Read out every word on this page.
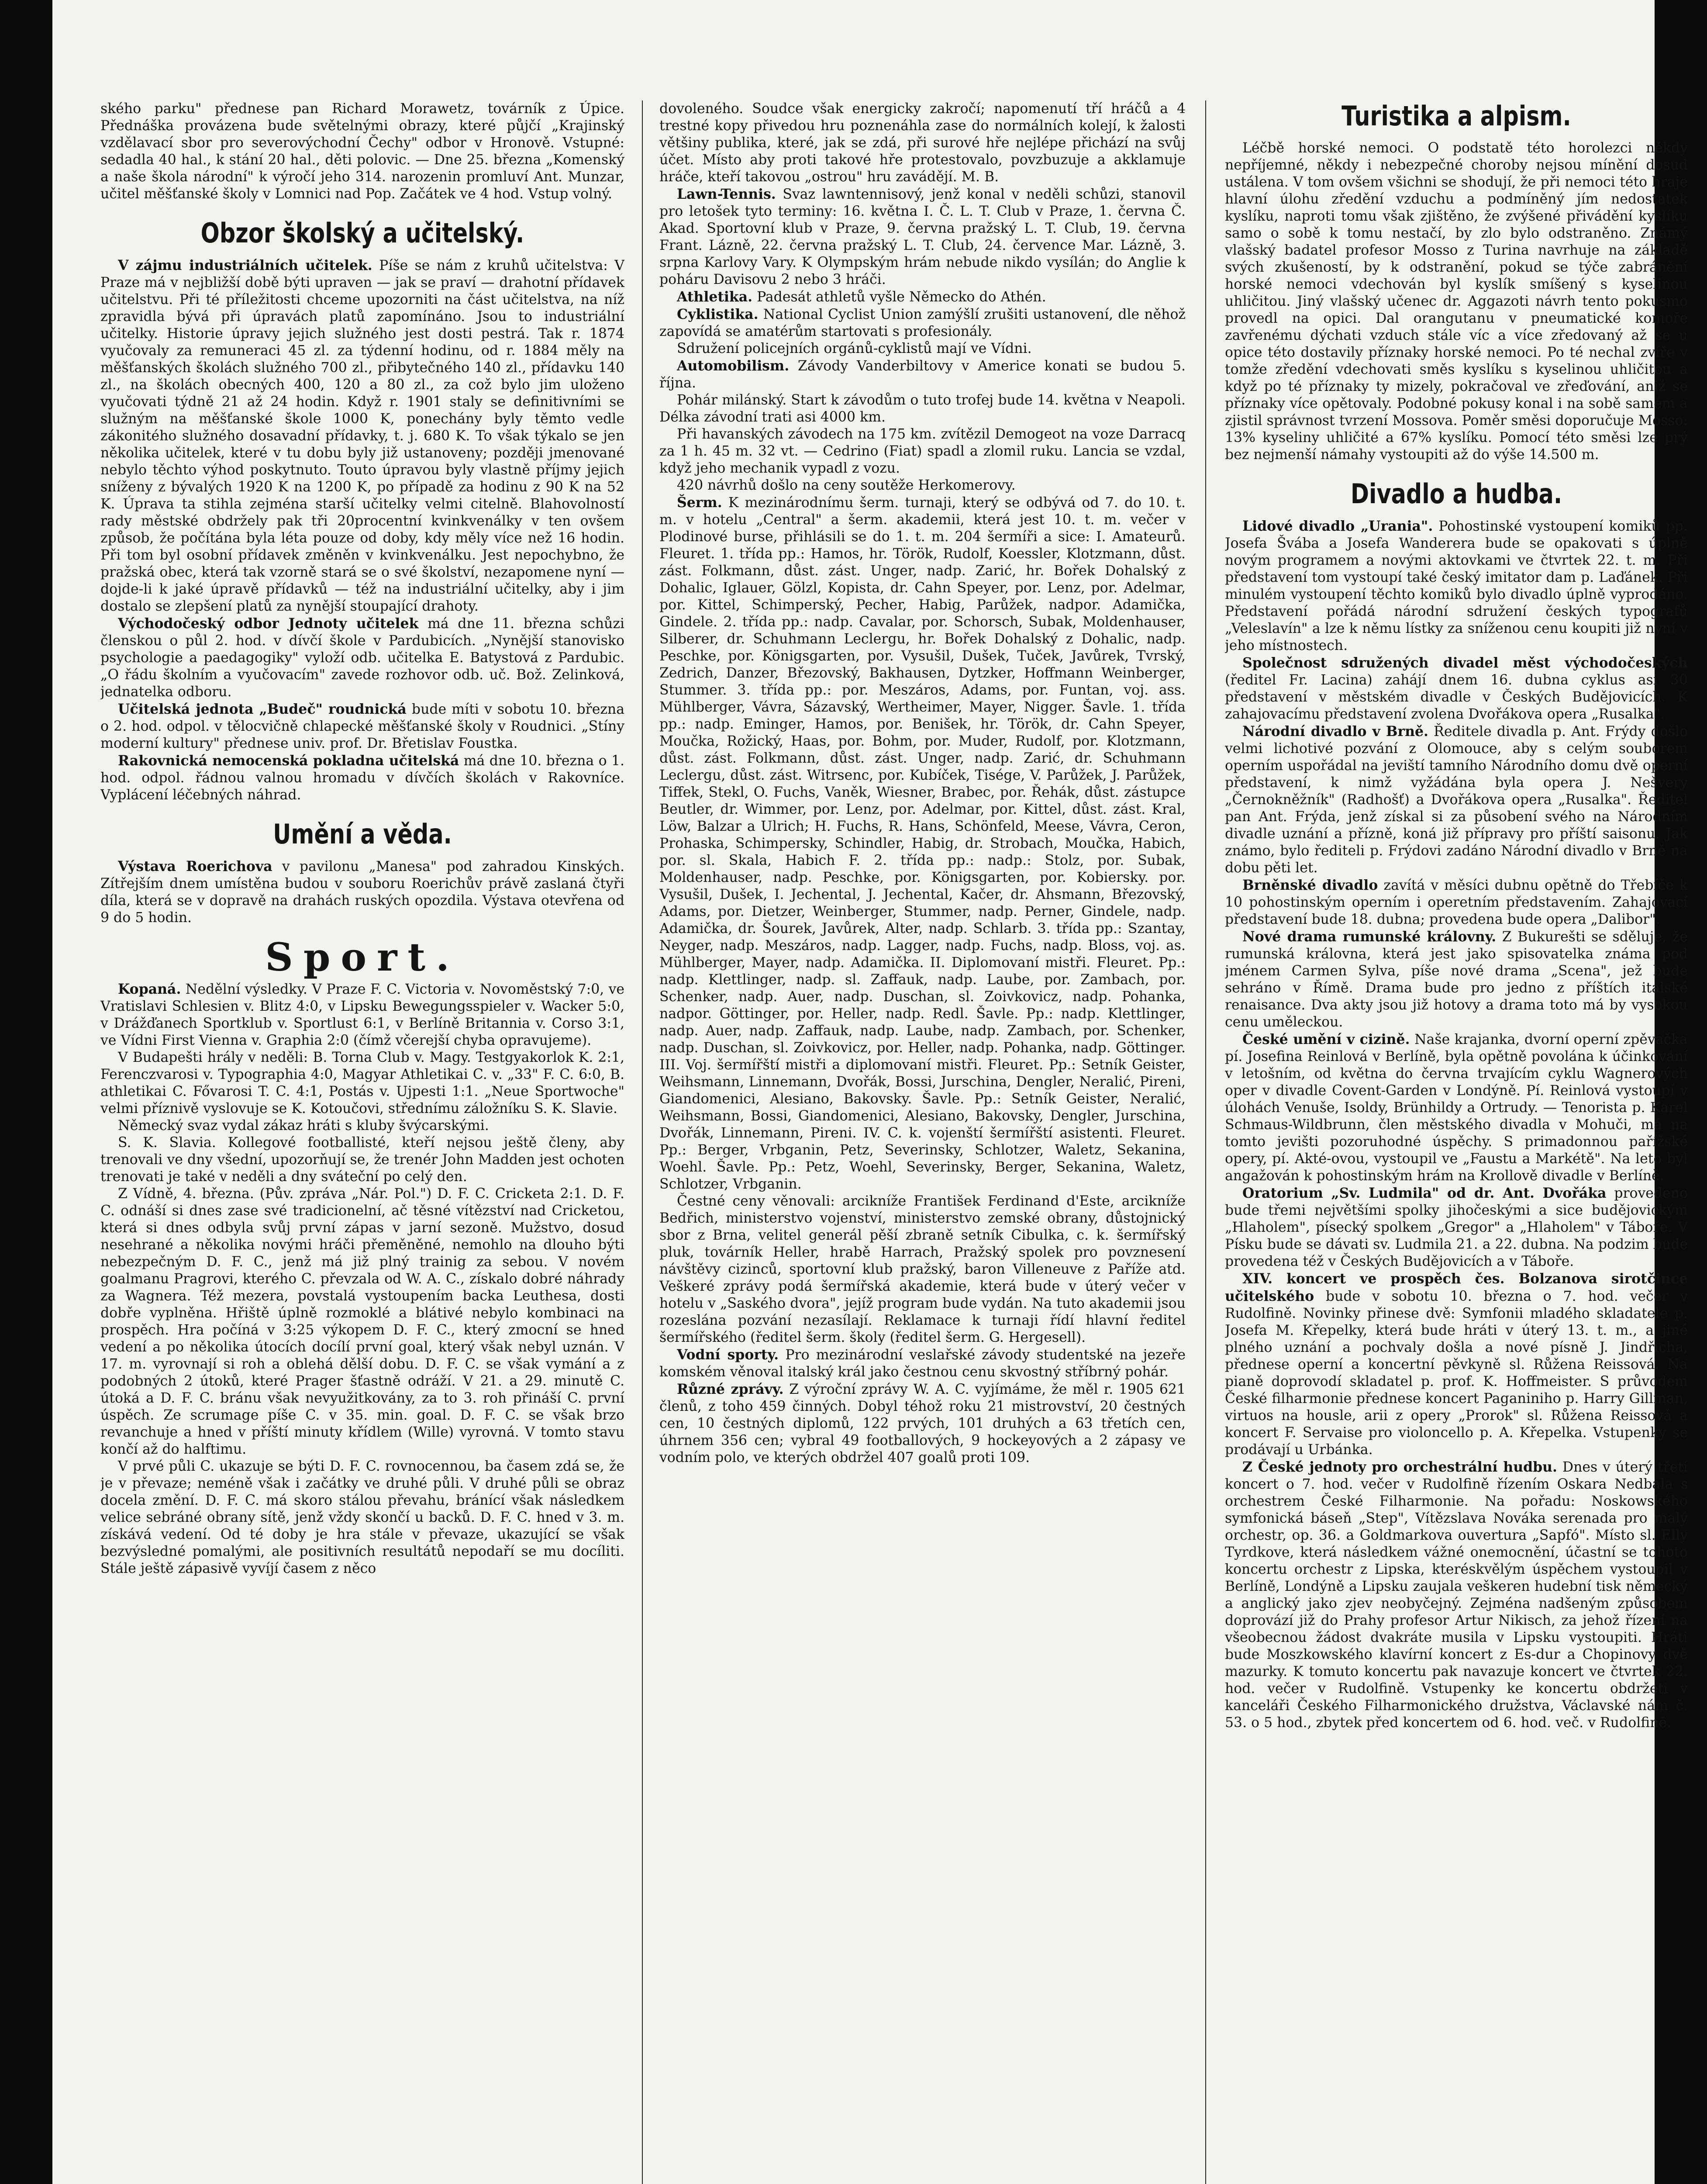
ského parku" přednese pan Richard Morawetz, továrník z Úpice. Přednáška provázena bude světelnými obrazy, které půjčí „Krajinský vzdělavací sbor pro severovýchodní Čechy" odbor v Hronově. Vstupné: sedadla 40 hal., k stání 20 hal., děti polovic. — Dne 25. března „Komenský a naše škola národní" k výročí jeho 314. narozenin promluví Ant. Munzar, učitel měšťanské školy v Lomnici nad Pop. Začátek ve 4 hod. Vstup volný.

Obzor školský a učitelský.

V zájmu industriálních učitelek. Píše se nám z kruhů učitelstva: V Praze má v nejbližší době býti upraven — jak se praví — drahotní přídavek učitelstvu. Při té příležitosti chceme upozorniti na část učitelstva, na níž zpravidla bývá při úpravách platů zapomínáno. Jsou to industriální učitelky. Historie úpravy jejich služného jest dosti pestrá. Tak r. 1874 vyučovaly za remuneraci 45 zl. za týdenní hodinu, od r. 1884 měly na měšťanských školách služného 700 zl., přibytečného 140 zl., přídavku 140 zl., na školách obecných 400, 120 a 80 zl., za což bylo jim uloženo vyučovati týdně 21 až 24 hodin. Když r. 1901 staly se definitivními se služným na měšťanské škole 1000 K, ponechány byly těmto vedle zákonitého služného dosavadní přídavky, t. j. 680 K. To však týkalo se jen několika učitelek, které v tu dobu byly již ustanoveny; později jmenované nebylo těchto výhod poskytnuto. Touto úpravou byly vlastně příjmy jejich sníženy z bývalých 1920 K na 1200 K, po případě za hodinu z 90 K na 52 K. Úprava ta stihla zejména starší učitelky velmi citelně. Blahovolností rady městské obdržely pak tři 20procentní kvinkvenálky v ten ovšem způsob, že počítána byla léta pouze od doby, kdy měly více než 16 hodin. Při tom byl osobní přídavek změněn v kvinkvenálku. Jest nepochybno, že pražská obec, která tak vzorně stará se o své školství, nezapomene nyní — dojde-li k jaké úpravě přídavků — též na industriální učitelky, aby i jim dostalo se zlepšení platů za nynější stoupající drahoty.

Východočeský odbor Jednoty učitelek má dne 11. března schůzi členskou o půl 2. hod. v dívčí škole v Pardubicích. „Nynější stanovisko psychologie a paedagogiky" vyloží odb. učitelka E. Batystová z Pardubic. „O řádu školním a vyučovacím" zavede rozhovor odb. uč. Bož. Zelinková, jednatelka odboru.

Učitelská jednota „Budeč" roudnická bude míti v sobotu 10. března o 2. hod. odpol. v tělocvičně chlapecké měšťanské školy v Roudnici. „Stíny moderní kultury" přednese univ. prof. Dr. Břetislav Foustka.

Rakovnická nemocenská pokladna učitelská má dne 10. března o 1. hod. odpol. řádnou valnou hromadu v dívčích školách v Rakovníce. Vyplácení léčebných náhrad.

Umění a věda.

Výstava Roerichova v pavilonu „Manesa" pod zahradou Kinských. Zítřejším dnem umístěna budou v souboru Roerichův právě zaslaná čtyři díla, která se v dopravě na drahách ruských opozdila. Výstava otevřena od 9 do 5 hodin.

Sport.

Kopaná. Nedělní výsledky. V Praze F. C. Victoria v. Novoměstský 7:0, ve Vratislavi Schlesien v. Blitz 4:0, v Lipsku Bewegungsspieler v. Wacker 5:0, v Drážďanech Sportklub v. Sportlust 6:1, v Berlíně Britannia v. Corso 3:1, ve Vídni First Vienna v. Graphia 2:0 (čímž včerejší chyba opravujeme).

V Budapešti hrály v neděli: B. Torna Club v. Magy. Testgyakorlok K. 2:1, Ferenczvarosi v. Typographia 4:0, Magyar Athletikai C. v. „33" F. C. 6:0, B. athletikai C. Fővarosi T. C. 4:1, Postás v. Ujpesti 1:1. „Neue Sportwoche" velmi příznivě vyslovuje se K. Kotoučovi, střednímu záložníku S. K. Slavie.

Německý svaz vydal zákaz hráti s kluby švýcarskými.

S. K. Slavia. Kollegové footballisté, kteří nejsou ještě členy, aby trenovali ve dny všední, upozorňují se, že trenér John Madden jest ochoten trenovati je také v neděli a dny sváteční po celý den.

Z Vídně, 4. března. (Pův. zpráva „Nár. Pol.") D. F. C. Cricketa 2:1. D. F. C. odnáší si dnes zase své tradicionelní, ač těsné vítězství nad Cricketou, která si dnes odbyla svůj první zápas v jarní sezoně. Mužstvo, dosud nesehrané a několika novými hráči přeměněné, nemohlo na dlouho býti nebezpečným D. F. C., jenž má již plný trainig za sebou. V novém goalmanu Pragrovi, kterého C. převzala od W. A. C., získalo dobré náhrady za Wagnera. Též mezera, povstalá vystoupením backa Leuthesa, dosti dobře vyplněna. Hřiště úplně rozmoklé a blátivé nebylo kombinaci na prospěch. Hra počíná v 3:25 výkopem D. F. C., který zmocní se hned vedení a po několika útocích docílí první goal, který však nebyl uznán. V 17. m. vyrovnají si roh a oblehá dělší dobu. D. F. C. se však vymání a z podobných 2 útoků, které Prager šťastně odráží. V 21. a 29. minutě C. útoká a D. F. C. bránu však nevyužitkovány, za to 3. roh přináší C. první úspěch. Ze scrumage píše C. v 35. min. goal. D. F. C. se však brzo revanchuje a hned v příští minuty křídlem (Wille) vyrovná. V tomto stavu končí až do halftimu.

V prvé půli C. ukazuje se býti D. F. C. rovnocennou, ba časem zdá se, že je v převaze; neméně však i začátky ve druhé půli. V druhé půli se obraz docela změní. D. F. C. má skoro stálou převahu, bránící však následkem velice sebráné obrany sítě, jenž vždy skončí u backů. D. F. C. hned v 3. m. získává vedení. Od té doby je hra stále v převaze, ukazující se však bezvýsledné pomalými, ale positivních resultátů nepodaří se mu docíliti. Stále ještě zápasivě vyvíjí časem z něco

dovoleného. Soudce však energicky zakročí; napomenutí tří hráčů a 4 trestné kopy přivedou hru poznenáhla zase do normálních kolejí, k žalosti většiny publika, které, jak se zdá, při surové hře nejlépe přichází na svůj účet. Místo aby proti takové hře protestovalo, povzbuzuje a akklamuje hráče, kteří takovou „ostrou" hru zavádějí. M. B.

Lawn-Tennis. Svaz lawntennisový, jenž konal v neděli schůzi, stanovil pro letošek tyto terminy: 16. května I. Č. L. T. Club v Praze, 1. června Č. Akad. Sportovní klub v Praze, 9. června pražský L. T. Club, 19. června Frant. Lázně, 22. června pražský L. T. Club, 24. července Mar. Lázně, 3. srpna Karlovy Vary. K Olympským hrám nebude nikdo vysílán; do Anglie k poháru Davisovu 2 nebo 3 hráči.

Athletika. Padesát athletů vyšle Německo do Athén.

Cyklistika. National Cyclist Union zamýšlí zrušiti ustanovení, dle něhož zapovídá se amatérům startovati s profesionály.

Sdružení policejních orgánů-cyklistů mají ve Vídni.

Automobilism. Závody Vanderbiltovy v Americe konati se budou 5. října.

Pohár milánský. Start k závodům o tuto trofej bude 14. května v Neapoli. Délka závodní trati asi 4000 km.

Při havanských závodech na 175 km. zvítězil Demogeot na voze Darracq za 1 h. 45 m. 32 vt. — Cedrino (Fiat) spadl a zlomil ruku. Lancia se vzdal, když jeho mechanik vypadl z vozu.

420 návrhů došlo na ceny soutěže Herkomerovy.

Šerm. K mezinárodnímu šerm. turnaji, který se odbývá od 7. do 10. t. m. v hotelu „Central" a šerm. akademii, která jest 10. t. m. večer v Plodinové burse, přihlásili se do 1. t. m. 204 šermíři a sice: I. Amateurů. Fleuret. 1. třída pp.: Hamos, hr. Török, Rudolf, Koessler, Klotzmann, důst. zást. Folkmann, důst. zást. Unger, nadp. Zarić, hr. Bořek Dohalský z Dohalic, Iglauer, Gölzl, Kopista, dr. Cahn Speyer, por. Lenz, por. Adelmar, por. Kittel, Schimperský, Pecher, Habig, Parůžek, nadpor. Adamička, Gindele. 2. třída pp.: nadp. Cavalar, por. Schorsch, Subak, Moldenhauser, Silberer, dr. Schuhmann Leclergu, hr. Bořek Dohalský z Dohalic, nadp. Peschke, por. Königsgarten, por. Vysušil, Dušek, Tuček, Javůrek, Tvrský, Zedrich, Danzer, Březovský, Bakhausen, Dytzker, Hoffmann Weinberger, Stummer. 3. třída pp.: por. Meszáros, Adams, por. Funtan, voj. ass. Mühlberger, Vávra, Sázavský, Wertheimer, Mayer, Nigger. Šavle. 1. třída pp.: nadp. Eminger, Hamos, por. Benišek, hr. Török, dr. Cahn Speyer, Moučka, Rožický, Haas, por. Bohm, por. Muder, Rudolf, por. Klotzmann, důst. zást. Folkmann, důst. zást. Unger, nadp. Zarić, dr. Schuhmann Leclergu, důst. zást. Witrsenc, por. Kubíček, Tisége, V. Parůžek, J. Parůžek, Tiffek, Stekl, O. Fuchs, Vaněk, Wiesner, Brabec, por. Řehák, důst. zástupce Beutler, dr. Wimmer, por. Lenz, por. Adelmar, por. Kittel, důst. zást. Kral, Löw, Balzar a Ulrich; H. Fuchs, R. Hans, Schönfeld, Meese, Vávra, Ceron, Prohaska, Schimpersky, Schindler, Habig, dr. Strobach, Moučka, Habich, por. sl. Skala, Habich F. 2. třída pp.: nadp.: Stolz, por. Subak, Moldenhauser, nadp. Peschke, por. Königsgarten, por. Kobiersky. por. Vysušil, Dušek, I. Jechental, J. Jechental, Kačer, dr. Ahsmann, Březovský, Adams, por. Dietzer, Weinberger, Stummer, nadp. Perner, Gindele, nadp. Adamička, dr. Šourek, Javůrek, Alter, nadp. Schlarb. 3. třída pp.: Szantay, Neyger, nadp. Meszáros, nadp. Lagger, nadp. Fuchs, nadp. Bloss, voj. as. Mühlberger, Mayer, nadp. Adamička. II. Diplomovaní mistři. Fleuret. Pp.: nadp. Klettlinger, nadp. sl. Zaffauk, nadp. Laube, por. Zambach, por. Schenker, nadp. Auer, nadp. Duschan, sl. Zoivkovicz, nadp. Pohanka, nadpor. Göttinger, por. Heller, nadp. Redl. Šavle. Pp.: nadp. Klettlinger, nadp. Auer, nadp. Zaffauk, nadp. Laube, nadp. Zambach, por. Schenker, nadp. Duschan, sl. Zoivkovicz, por. Heller, nadp. Pohanka, nadp. Göttinger. III. Voj. šermířští mistři a diplomovaní mistři. Fleuret. Pp.: Setník Geister, Weihsmann, Linnemann, Dvořák, Bossi, Jurschina, Dengler, Neralić, Pireni, Giandomenici, Alesiano, Bakovsky. Šavle. Pp.: Setník Geister, Neralić, Weihsmann, Bossi, Giandomenici, Alesiano, Bakovsky, Dengler, Jurschina, Dvořák, Linnemann, Pireni. IV. C. k. vojenští šermířští asistenti. Fleuret. Pp.: Berger, Vrbganin, Petz, Severinsky, Schlotzer, Waletz, Sekanina, Woehl. Šavle. Pp.: Petz, Woehl, Severinsky, Berger, Sekanina, Waletz, Schlotzer, Vrbganin.

Čestné ceny věnovali: arcikníže František Ferdinand d'Este, arcikníže Bedřich, ministerstvo vojenství, ministerstvo zemské obrany, důstojnický sbor z Brna, velitel generál pěší zbraně setník Cibulka, c. k. šermířský pluk, továrník Heller, hrabě Harrach, Pražský spolek pro povznesení návštěvy cizinců, sportovní klub pražský, baron Villeneuve z Paříže atd. Veškeré zprávy podá šermířská akademie, která bude v úterý večer v hotelu v „Saského dvora", jejíž program bude vydán. Na tuto akademii jsou rozeslána pozvání nezasílají. Reklamace k turnaji řídí hlavní ředitel šermířského (ředitel šerm. školy (ředitel šerm. G. Hergesell).

Vodní sporty. Pro mezinárodní veslařské závody studentské na jezeře komském věnoval italský král jako čestnou cenu skvostný stříbrný pohár.

Různé zprávy. Z výroční zprávy W. A. C. vyjímáme, že měl r. 1905 621 členů, z toho 459 činných. Dobyl téhož roku 21 mistrovství, 20 čestných cen, 10 čestných diplomů, 122 prvých, 101 druhých a 63 třetích cen, úhrnem 356 cen; vybral 49 footballových, 9 hockeyových a 2 zápasy ve vodním polo, ve kterých obdržel 407 goalů proti 109.

Turistika a alpism.

Léčbě horské nemoci. O podstatě této horolezci někdy nepříjemné, někdy i nebezpečné choroby nejsou mínění dosud ustálena. V tom ovšem všichni se shodují, že při nemoci této hraje hlavní úlohu zředění vzduchu a podmíněný jím nedostatek kyslíku, naproti tomu však zjištěno, že zvýšené přivádění kyslíku samo o sobě k tomu nestačí, by zlo bylo odstraněno. Známý vlašský badatel profesor Mosso z Turina navrhuje na základě svých zkušeností, by k odstranění, pokud se týče zabránění horské nemoci vdechován byl kyslík smíšený s kyselinou uhličitou. Jiný vlašský učenec dr. Aggazoti návrh tento pokusmo provedl na opici. Dal orangutanu v pneumatické komoře zavřenému dýchati vzduch stále víc a více zředovaný až se u opice této dostavily příznaky horské nemoci. Po té nechal zvíře v tomže zředění vdechovati směs kyslíku s kyselinou uhličitou a když po té příznaky ty mizely, pokračoval ve zřeďování, aniž se příznaky více opětovaly. Podobné pokusy konal i na sobě samém a zjistil správnost tvrzení Mossova. Poměr směsi doporučuje Mosso: 13% kyseliny uhličité a 67% kyslíku. Pomocí této směsi lze prý bez nejmenší námahy vystoupiti až do výše 14.500 m.

Divadlo a hudba.

Lidové divadlo „Urania". Pohostinské vystoupení komiků pp. Josefa Švába a Josefa Wanderera bude se opakovati s úplně novým programem a novými aktovkami ve čtvrtek 22. t. m. Při představení tom vystoupí také český imitator dam p. Laďánek. Při minulém vystoupení těchto komiků bylo divadlo úplně vyprodáno. Představení pořádá národní sdružení českých typografů „Veleslavín" a lze k němu lístky za sníženou cenu koupiti již nyní v jeho místnostech.

Společnost sdružených divadel měst východočeských (ředitel Fr. Lacina) zahájí dnem 16. dubna cyklus asi 30 představení v městském divadle v Českých Budějovicích. K zahajovacímu představení zvolena Dvořákova opera „Rusalka".

Národní divadlo v Brně. Ředitele divadla p. Ant. Frýdy došlo velmi lichotivé pozvání z Olomouce, aby s celým souborem operním uspořádal na jeviští tamního Národního domu dvě operní představení, k nimž vyžádána byla opera J. Nešvery „Černokněžník" (Radhošť) a Dvořákova opera „Rusalka". Ředitel pan Ant. Frýda, jenž získal si za působení svého na Národním divadle uznání a přízně, koná již přípravy pro příští saisonu. Jak známo, bylo řediteli p. Frýdovi zadáno Národní divadlo v Brně na dobu pěti let.

Brněnské divadlo zavítá v měsíci dubnu opětně do Třebíče k 10 pohostinským operním i operetním představením. Zahajovací představení bude 18. dubna; provedena bude opera „Dalibor".

Nové drama rumunské královny. Z Bukurešti se sděluje, že rumunská královna, která jest jako spisovatelka známa pod jménem Carmen Sylva, píše nové drama „Scena", jež bude sehráno v Římě. Drama bude pro jedno z příštích italské renaisance. Dva akty jsou již hotovy a drama toto má by vysokou cenu uměleckou.

České umění v cizině. Naše krajanka, dvorní operní zpěvačka pí. Josefina Reinlová v Berlíně, byla opětně povolána k účinkování v letošním, od května do června trvajícím cyklu Wagnerových oper v divadle Covent-Garden v Londýně. Pí. Reinlová vystoupí v úlohách Venuše, Isoldy, Brünhildy a Ortrudy. — Tenorista p. Karel Schmaus-Wildbrunn, člen městského divadla v Mohuči, má na tomto jevišti pozoruhodné úspěchy. S primadonnou pařížské opery, pí. Akté-ovou, vystoupil ve „Faustu a Markétě". Na leto byl angažován k pohostinským hrám na Krollově divadle v Berlíně.

Oratorium „Sv. Ludmila" od dr. Ant. Dvořáka provedeno bude třemi největšími spolky jihočeskými a sice budějovickým „Hlaholem", písecký spolkem „Gregor" a „Hlaholem" v Táboře. V Písku bude se dávati sv. Ludmila 21. a 22. dubna. Na podzim bude provedena též v Českých Budějovicích a v Táboře.

XIV. koncert ve prospěch čes. Bolzanova sirotčince učitelského bude v sobotu 10. března o 7. hod. večer v Rudolfině. Novinky přinese dvě: Symfonii mladého skladatele p. Josefa M. Křepelky, která bude hráti v úterý 13. t. m., a jiné plného uznání a pochvaly došla a nové písně J. Jindřicha, přednese operní a koncertní pěvkyně sl. Růžena Reissová. Na pianě doprovodí skladatel p. prof. K. Hoffmeister. S průvodem České filharmonie přednese koncert Paganiniho p. Harry Gillman, virtuos na housle, arii z opery „Prorok" sl. Růžena Reissová a koncert F. Servaise pro violoncello p. A. Křepelka. Vstupenky se prodávají u Urbánka.

Z České jednoty pro orchestrální hudbu. Dnes v úterý třetí koncert o 7. hod. večer v Rudolfině řízením Oskara Nedbala s orchestrem České Filharmonie. Na pořadu: Noskowského symfonická báseň „Step", Vítězslava Nováka serenada pro malý orchestr, op. 36. a Goldmarkova ouvertura „Sapfó". Místo sl. Elly Tyrdkove, která následkem vážné onemocnění, účastní se tohoto koncertu orchestr z Lipska, kteréskvělým úspěchem vystoupil v Berlíně, Londýně a Lipsku zaujala veškeren hudební tisk německý a anglický jako zjev neobyčejný. Zejména nadšeným způsobem doprovází již do Prahy profesor Artur Nikisch, za jehož řízení na všeobecnou žádost dvakráte musila v Lipsku vystoupiti. Hráti bude Moszkowského klavírní koncert z Es-dur a Chopinovy dvě mazurky. K tomuto koncertu pak navazuje koncert ve čtvrtek 22. hod. večer v Rudolfině. Vstupenky ke koncertu obdržeti v kanceláři Českého Filharmonického družstva, Václavské nám č. 53. o 5 hod., zbytek před koncertem od 6. hod. več. v Rudolfině.
